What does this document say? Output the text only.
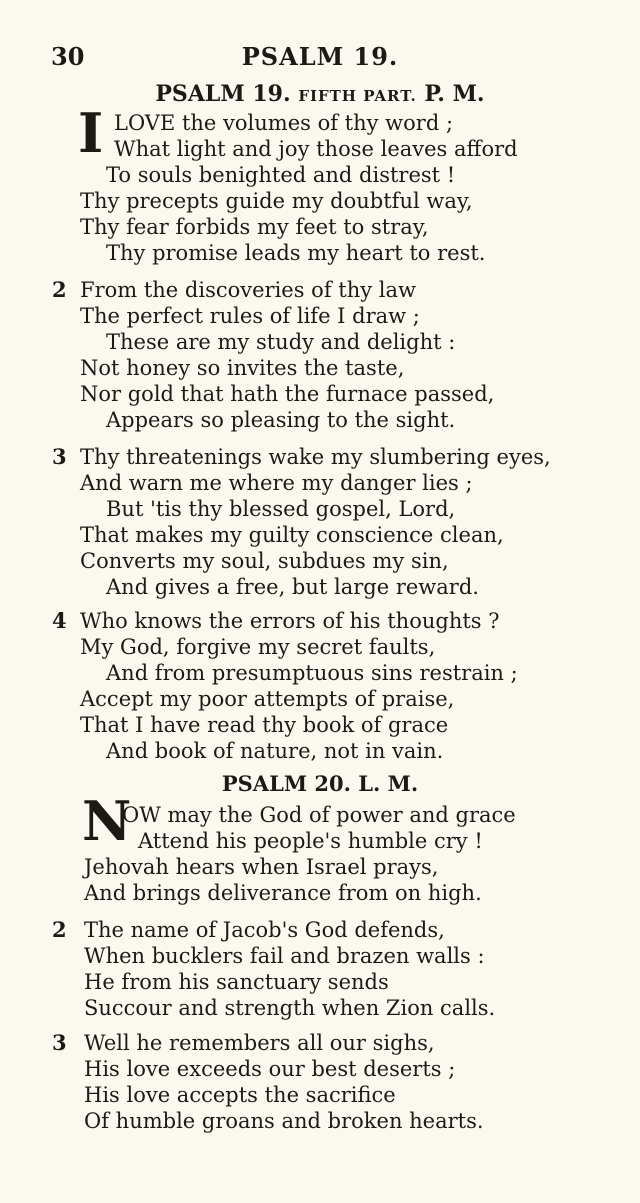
30	PSALM 19.
PSALM 19. FIFTH PART. P. M.
I LOVE the volumes of thy word ;
What light and joy those leaves afford
To souls benighted and distrest !
Thy precepts guide my doubtful way,
Thy fear forbids my feet to stray,
Thy promise leads my heart to rest.
2 From the discoveries of thy law
The perfect rules of life I draw ;
These are my study and delight :
Not honey so invites the taste,
Nor gold that hath the furnace passed,
Appears so pleasing to the sight.
3 Thy threatenings wake my slumbering eyes,
And warn me where my danger lies ;
But 'tis thy blessed gospel, Lord,
That makes my guilty conscience clean,
Converts my soul, subdues my sin,
And gives a free, but large reward.
4 Who knows the errors of his thoughts ?
My God, forgive my secret faults,
And from presumptuous sins restrain ;
Accept my poor attempts of praise,
That I have read thy book of grace
And book of nature, not in vain.
PSALM 20. L. M.
N
OW may the God of power and grace
Attend his people's humble cry !
Jehovah hears when Israel prays,
And brings deliverance from on high.
2 The name of Jacob's God defends,
When bucklers fail and brazen walls :
He from his sanctuary sends
Succour and strength when Zion calls.
3 Well he remembers all our sighs,
His love exceeds our best deserts ;
His love accepts the sacrifice
Of humble groans and broken hearts.
